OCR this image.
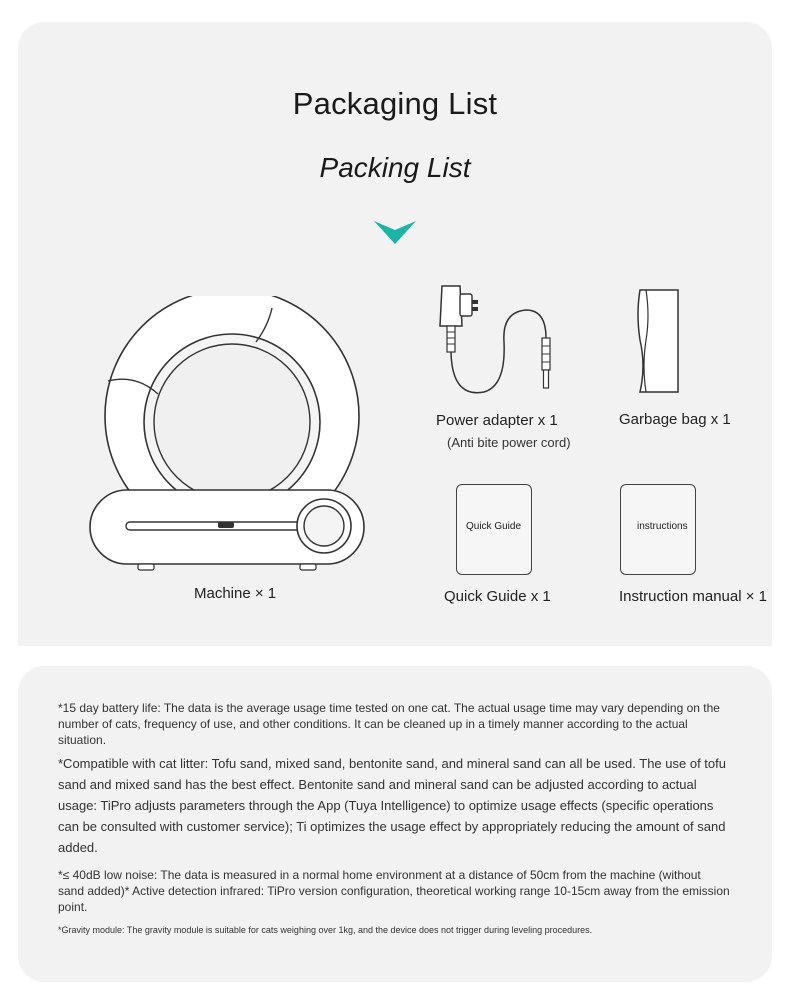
Packaging List
Packing List
Machine × 1
Power adapter x 1
(Anti bite power cord)
Garbage bag x 1
Quick Guide
Quick Guide x 1
instructions
Instruction manual × 1
*15 day battery life: The data is the average usage time tested on one cat. The actual usage time may vary depending on the number of cats, frequency of use, and other conditions. It can be cleaned up in a timely manner according to the actual situation.
*Compatible with cat litter: Tofu sand, mixed sand, bentonite sand, and mineral sand can all be used. The use of tofu sand and mixed sand has the best effect. Bentonite sand and mineral sand can be adjusted according to actual usage: TiPro adjusts parameters through the App (Tuya Intelligence) to optimize usage effects (specific operations can be consulted with customer service); Ti optimizes the usage effect by appropriately reducing the amount of sand added.
*≤ 40dB low noise: The data is measured in a normal home environment at a distance of 50cm from the machine (without sand added)* Active detection infrared: TiPro version configuration, theoretical working range 10-15cm away from the emission point.
*Gravity module: The gravity module is suitable for cats weighing over 1kg, and the device does not trigger during leveling procedures.
